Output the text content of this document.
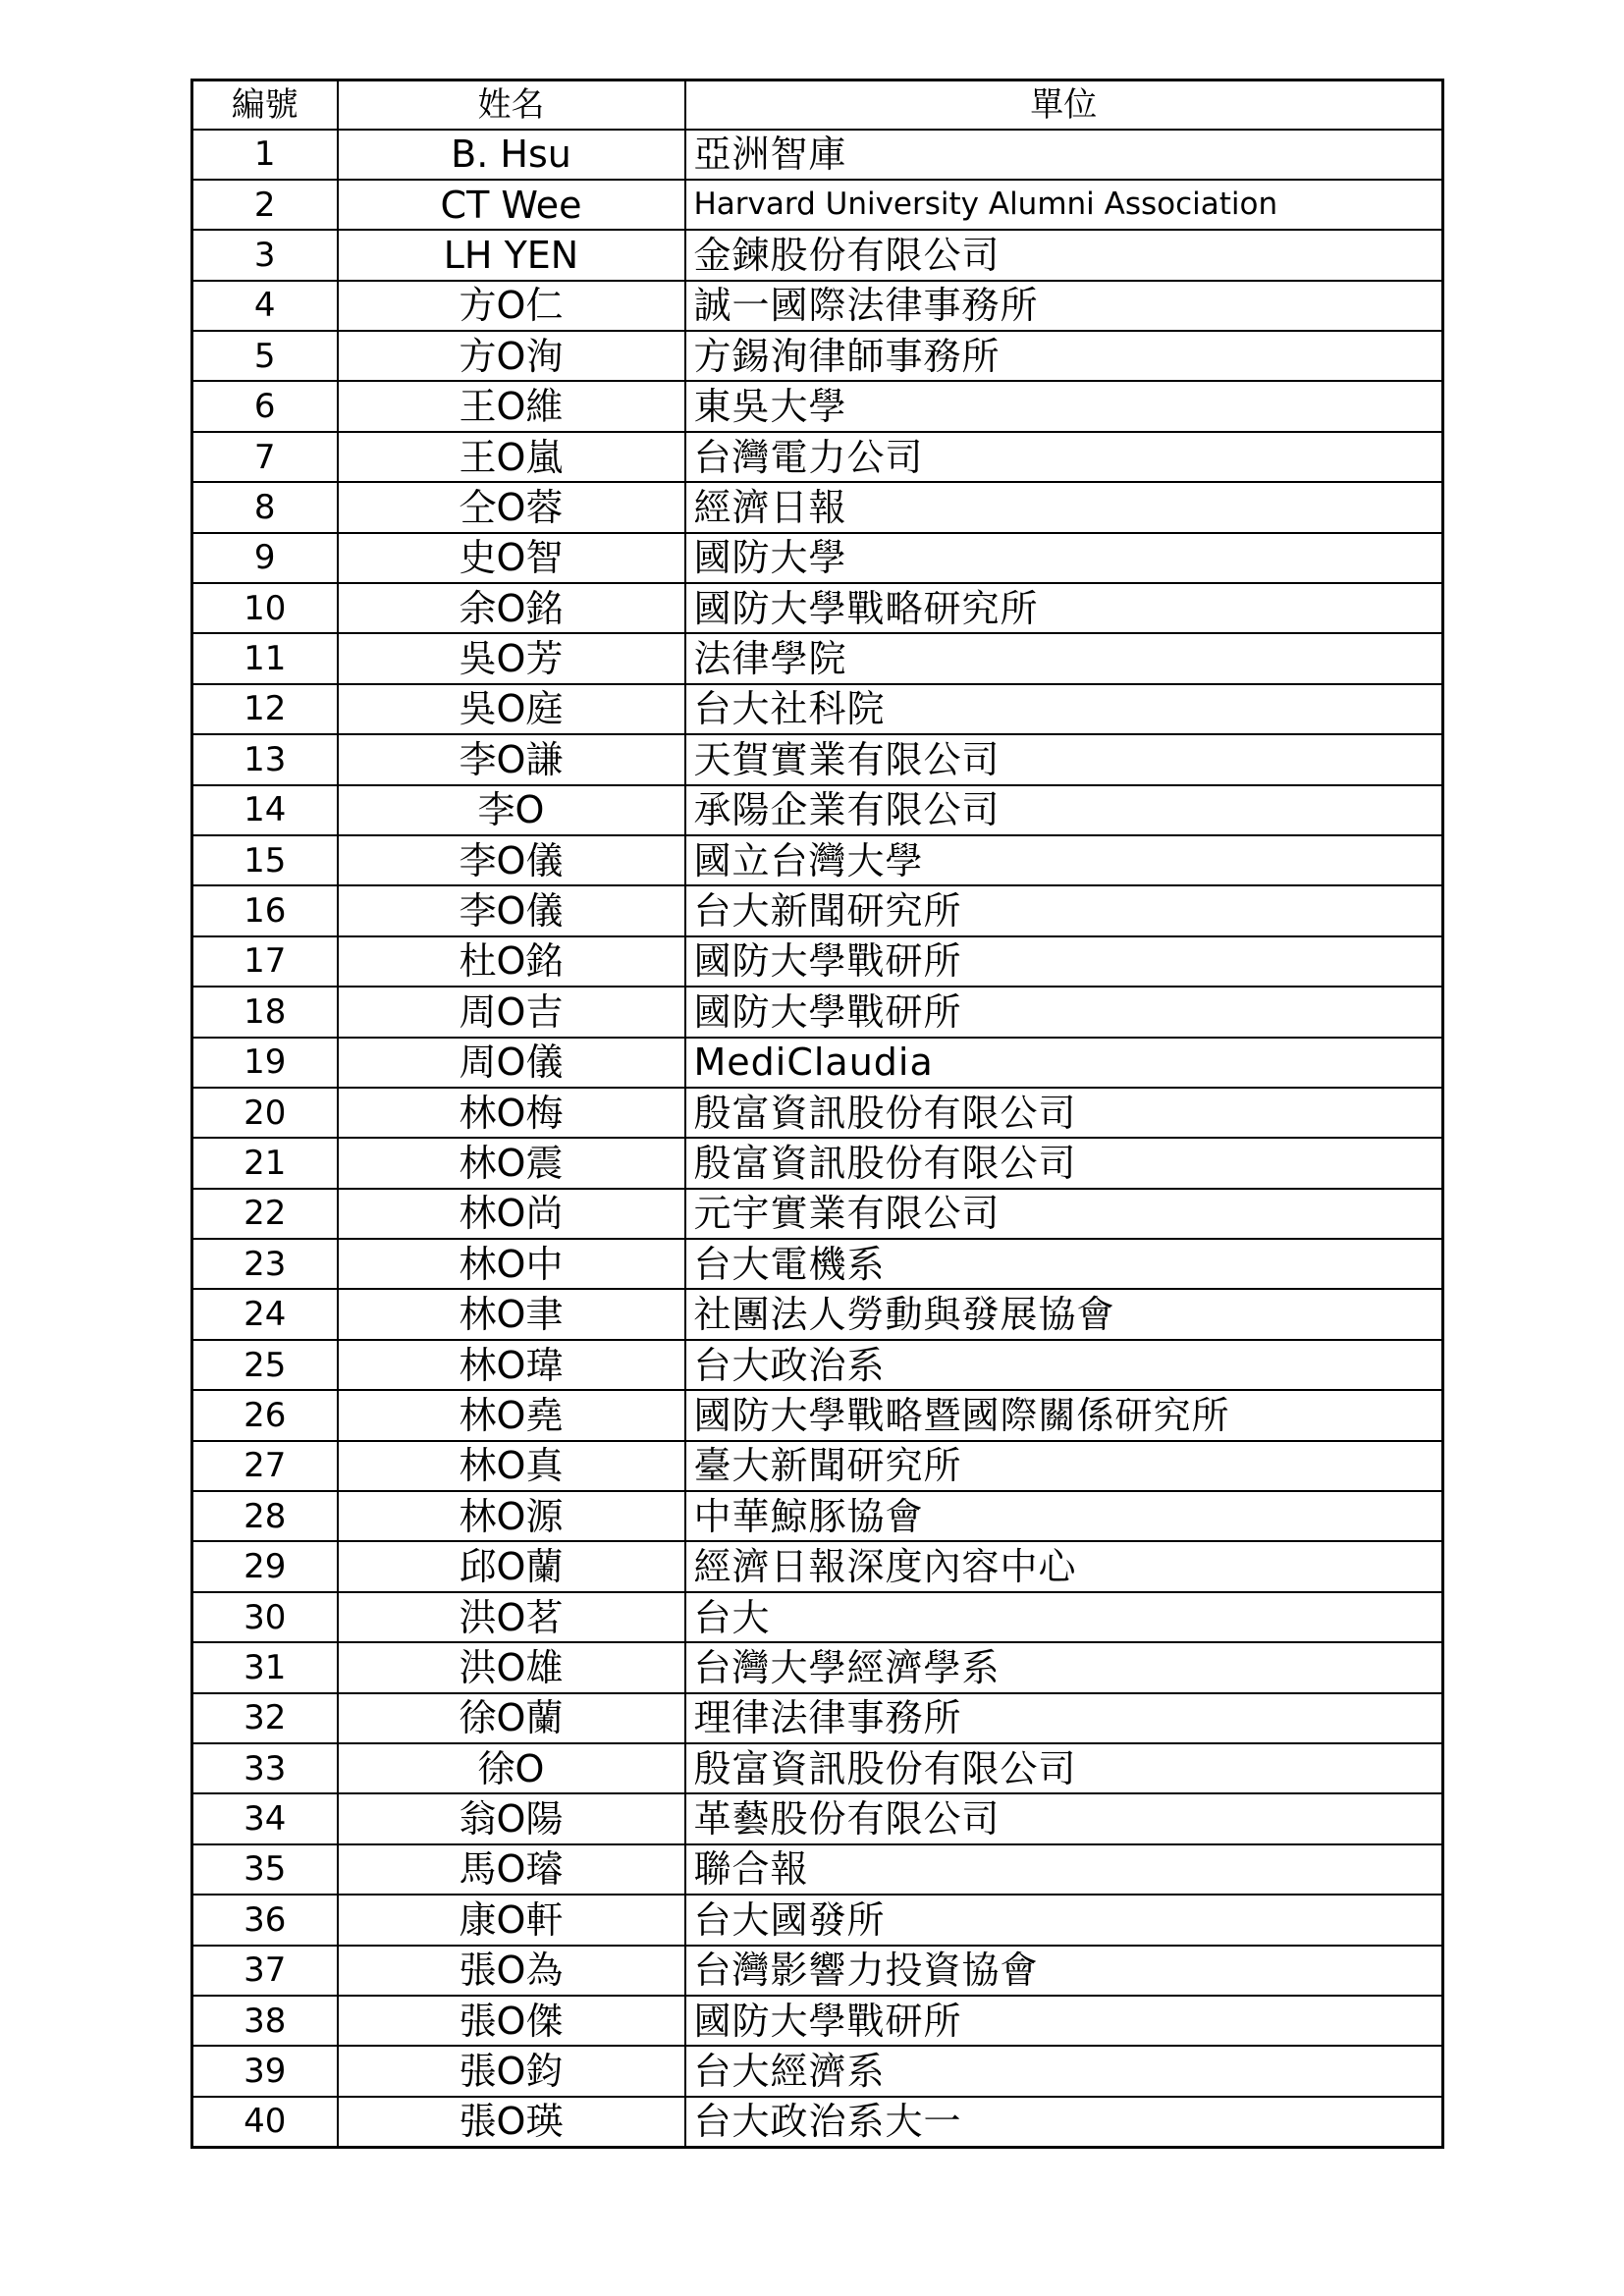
編號	姓名	單位
1	B. Hsu	亞洲智庫
2	CT Wee	Harvard University Alumni Association
3	LH YEN	金鍊股份有限公司
4	方O仁	誠一國際法律事務所
5	方O洵	方錫洵律師事務所
6	王O維	東吳大學
7	王O嵐	台灣電力公司
8	仝O蓉	經濟日報
9	史O智	國防大學
10	余O銘	國防大學戰略研究所
11	吳O芳	法律學院
12	吳O庭	台大社科院
13	李O謙	天賀實業有限公司
14	李O	承陽企業有限公司
15	李O儀	國立台灣大學
16	李O儀	台大新聞研究所
17	杜O銘	國防大學戰研所
18	周O吉	國防大學戰研所
19	周O儀	MediClaudia
20	林O梅	殷富資訊股份有限公司
21	林O震	殷富資訊股份有限公司
22	林O尚	元宇實業有限公司
23	林O中	台大電機系
24	林O聿	社團法人勞動與發展協會
25	林O瑋	台大政治系
26	林O堯	國防大學戰略暨國際關係研究所
27	林O真	臺大新聞研究所
28	林O源	中華鯨豚協會
29	邱O蘭	經濟日報深度內容中心
30	洪O茗	台大
31	洪O雄	台灣大學經濟學系
32	徐O蘭	理律法律事務所
33	徐O	殷富資訊股份有限公司
34	翁O陽	革藝股份有限公司
35	馬O璿	聯合報
36	康O軒	台大國發所
37	張O為	台灣影響力投資協會
38	張O傑	國防大學戰研所
39	張O鈞	台大經濟系
40	張O瑛	台大政治系大一
